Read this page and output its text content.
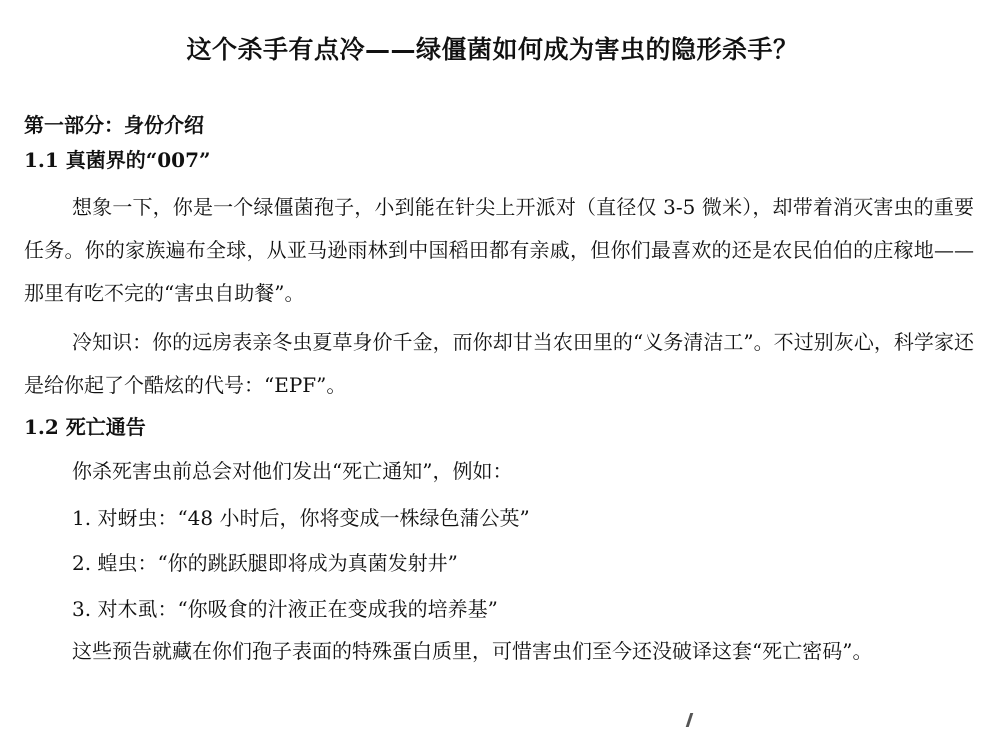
这个杀手有点冷——绿僵菌如何成为害虫的隐形杀手？
第一部分：身份介绍
1.1 真菌界的“007”
想象一下，你是一个绿僵菌孢子，小到能在针尖上开派对（直径仅 3-5 微米），却带着消灭害虫的重要任务。你的家族遍布全球，从亚马逊雨林到中国稻田都有亲戚，但你们最喜欢的还是农民伯伯的庄稼地——那里有吃不完的“害虫自助餐”。
冷知识：你的远房表亲冬虫夏草身价千金，而你却甘当农田里的“义务清洁工”。不过别灰心，科学家还是给你起了个酷炫的代号：“EPF”。
1.2 死亡通告
你杀死害虫前总会对他们发出“死亡通知”，例如：
1. 对蚜虫：“48 小时后，你将变成一株绿色蒲公英”
2. 蝗虫：“你的跳跃腿即将成为真菌发射井”
3. 对木虱：“你吸食的汁液正在变成我的培养基”
这些预告就藏在你们孢子表面的特殊蛋白质里，可惜害虫们至今还没破译这套“死亡密码”。
